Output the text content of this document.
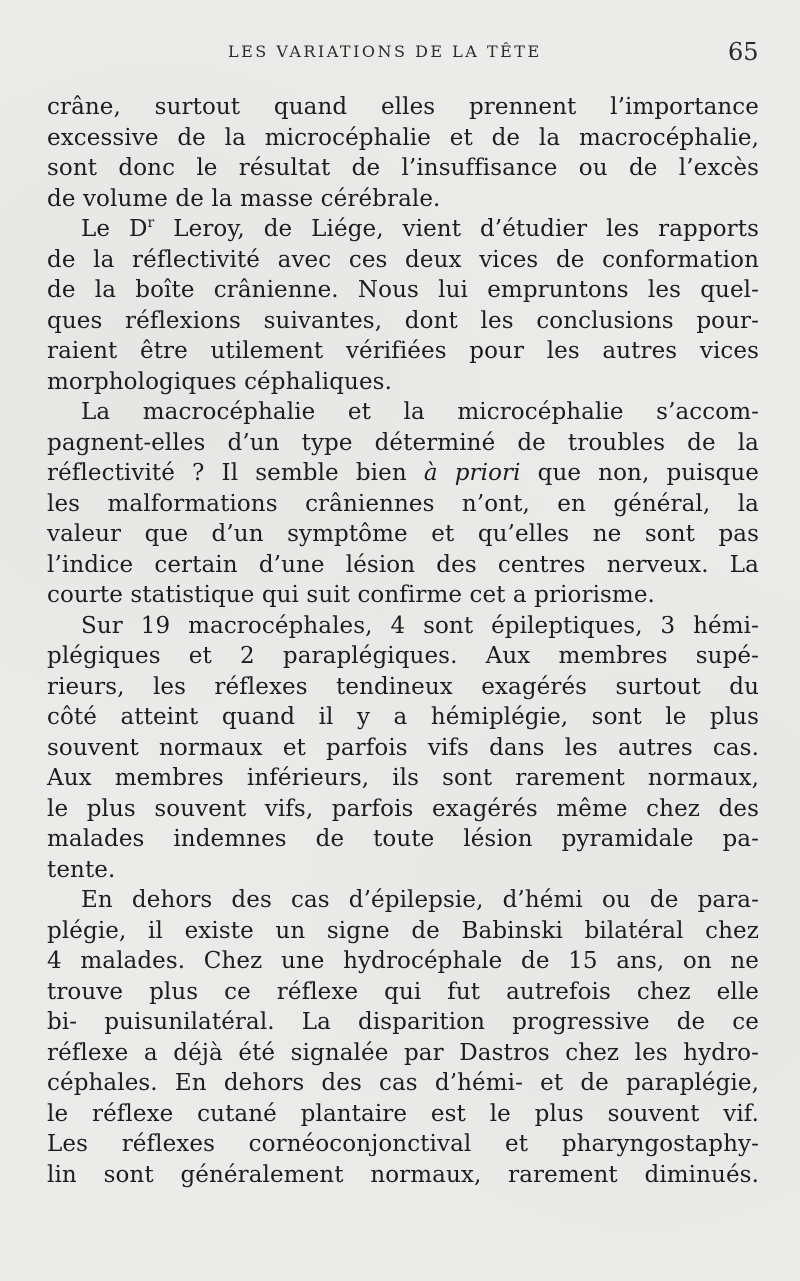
LES VARIATIONS DE LA TÊTE	65
crâne, surtout quand elles prennent l’importance
excessive de la microcéphalie et de la macrocéphalie,
sont donc le résultat de l’insuffisance ou de l’excès
de volume de la masse cérébrale.
Le $D^r$ Leroy, de Liége, vient d’étudier les rapports
de la réflectivité avec ces deux vices de conformation
de la boîte crânienne. Nous lui empruntons les quel-
ques réflexions suivantes, dont les conclusions pour-
raient être utilement vérifiées pour les autres vices
morphologiques céphaliques.
La macrocéphalie et la microcéphalie s’accom-
pagnent-elles d’un type déterminé de troubles de la
réflectivité ? Il semble bien à priori que non, puisque
les malformations crâniennes n’ont, en général, la
valeur que d’un symptôme et qu’elles ne sont pas
l’indice certain d’une lésion des centres nerveux. La
courte statistique qui suit confirme cet a priorisme.
Sur 19 macrocéphales, 4 sont épileptiques, 3 hémi-
plégiques et 2 paraplégiques. Aux membres supé-
rieurs, les réflexes tendineux exagérés surtout du
côté atteint quand il y a hémiplégie, sont le plus
souvent normaux et parfois vifs dans les autres cas.
Aux membres inférieurs, ils sont rarement normaux,
le plus souvent vifs, parfois exagérés même chez des
malades indemnes de toute lésion pyramidale pa-
tente.
En dehors des cas d’épilepsie, d’hémi ou de para-
plégie, il existe un signe de Babinski bilatéral chez
4 malades. Chez une hydrocéphale de 15 ans, on ne
trouve plus ce réflexe qui fut autrefois chez elle
bi- puisunilatéral. La disparition progressive de ce
réflexe a déjà été signalée par Dastros chez les hydro-
céphales. En dehors des cas d’hémi- et de paraplégie,
le réflexe cutané plantaire est le plus souvent vif.
Les réflexes cornéoconjonctival et pharyngostaphy-
lin sont généralement normaux, rarement diminués.
